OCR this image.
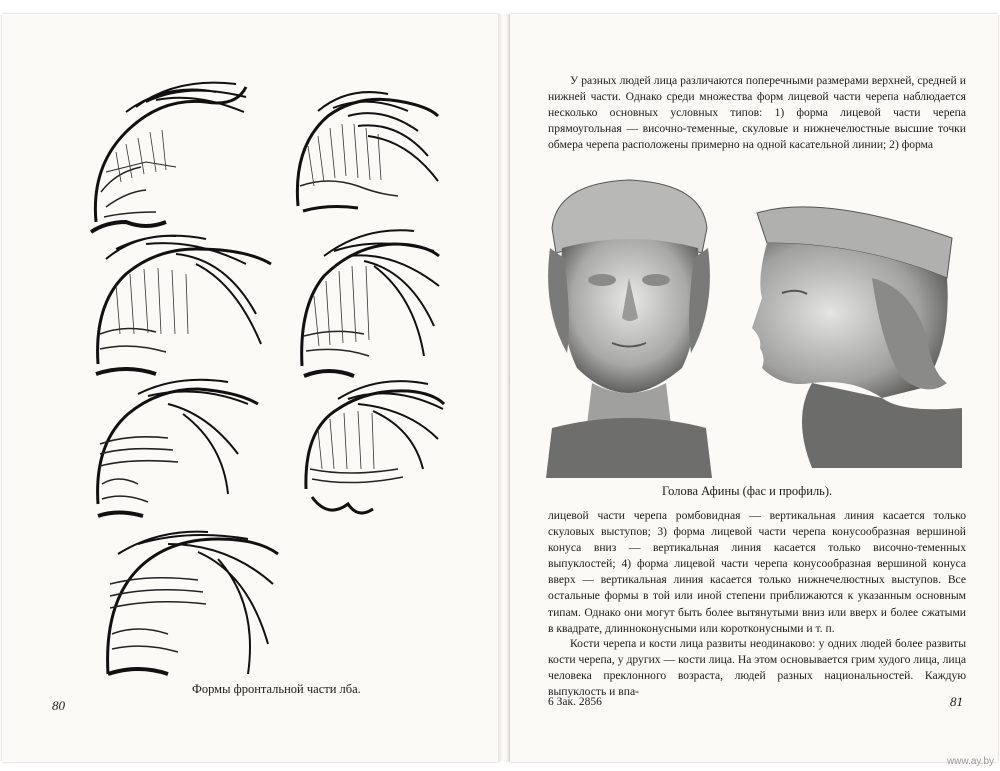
Формы фронтальной части лба.
80
У разных людей лица различаются поперечными размерами верхней, средней и нижней части. Однако среди множества форм лицевой части черепа наблюдается несколько основных условных типов: 1) форма лицевой части черепа прямоугольная — височно-теменные, скуловые и нижнечелюстные высшие точки обмера черепа расположены примерно на одной касательной линии; 2) форма
Голова Афины (фас и профиль).
лицевой части черепа ромбовидная — вертикальная линия касается только скуловых выступов; 3) форма лицевой части черепа конусообразная вершиной конуса вниз — вертикальная линия касается только височно-теменных выпуклостей; 4) форма лицевой части черепа конусообразная вершиной конуса вверх — вертикальная линия касается только нижнечелюстных выступов. Все остальные формы в той или иной степени приближаются к указанным основным типам. Однако они могут быть более вытянутыми вниз или вверх и более сжатыми в квадрате, длинноконусными или коротконусными и т. п.
Кости черепа и кости лица развиты неодинаково: у одних людей более развиты кости черепа, у других — кости лица. На этом основывается грим худого лица, лица человека преклонного возраста, людей разных национальностей. Каждую выпуклость и впа-
6 Зак. 2856	81
www.ay.by
